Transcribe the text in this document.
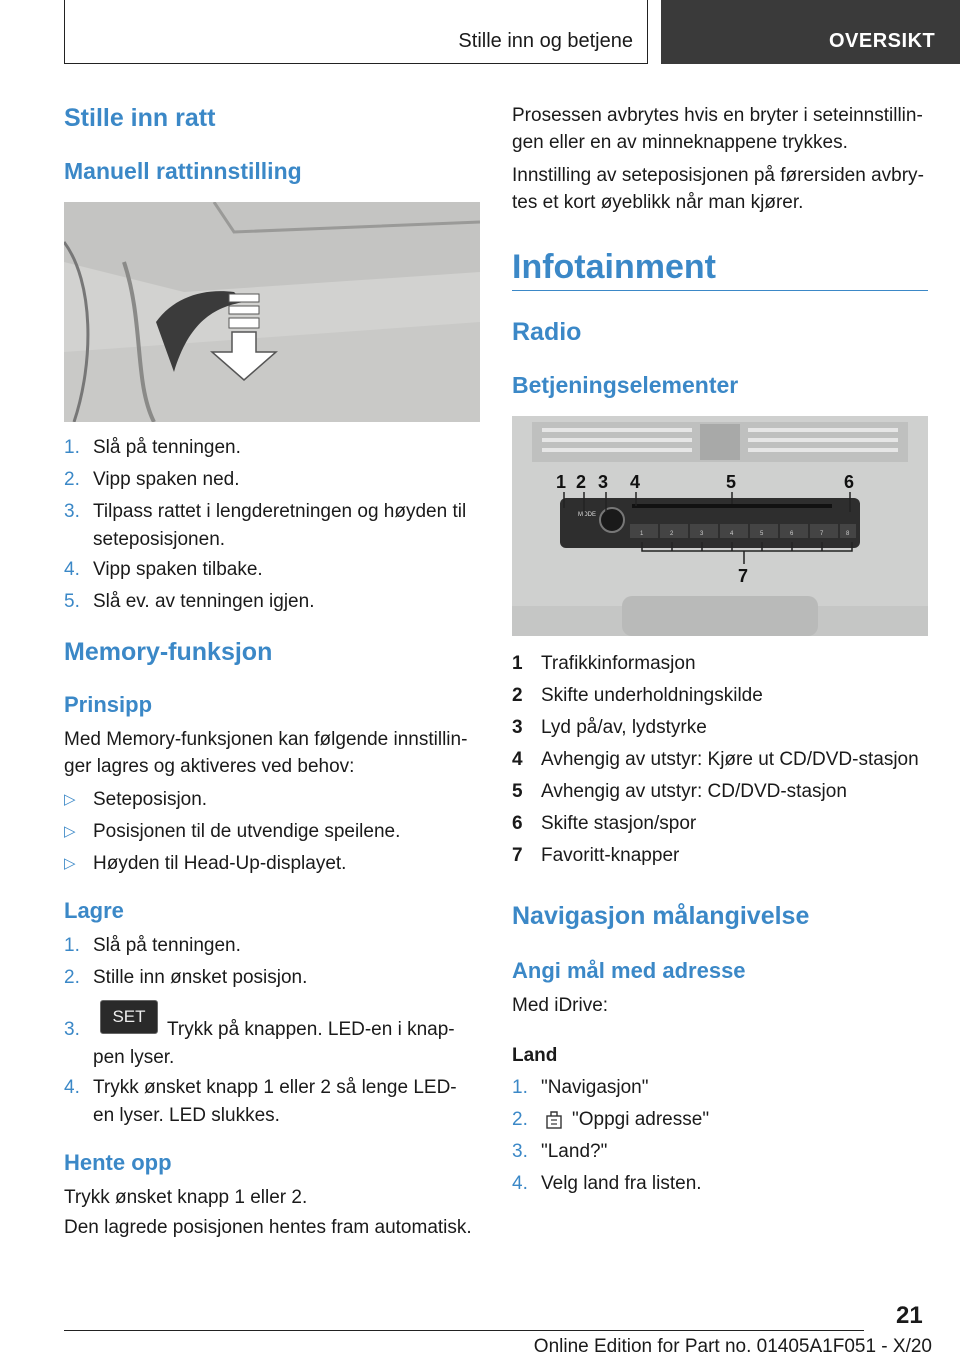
Stille inn og betjene	OVERSIKT
Stille inn ratt
Manuell rattinnstilling
1. Slå på tenningen.
2. Vipp spaken ned.
3. Tilpass rattet i lengderetningen og høyden til seteposisjonen.
4. Vipp spaken tilbake.
5. Slå ev. av tenningen igjen.
Memory-funksjon
Prinsipp
Med Memory-funksjonen kan følgende innstillinger lagres og aktiveres ved behov:
▷ Seteposisjon.
▷ Posisjonen til de utvendige speilene.
▷ Høyden til Head-Up-displayet.
Lagre
1. Slå på tenningen.
2. Stille inn ønsket posisjon.
3.
SET
Trykk på knappen. LED-en i knappen lyser.
4. Trykk ønsket knapp 1 eller 2 så lenge LED-en lyser. LED slukkes.
Hente opp
Trykk ønsket knapp 1 eller 2.
Den lagrede posisjonen hentes fram automatisk.
Prosessen avbrytes hvis en bryter i seteinnstillingen eller en av minneknappene trykkes.
Innstilling av seteposisjonen på førersiden avbrytes et kort øyeblikk når man kjører.
Infotainment
Radio
Betjeningselementer
MODE
1	2	3	4	5	6	7	8
1 2 3 4	5	6
7
1 Trafikkinformasjon
2 Skifte underholdningskilde
3 Lyd på/av, lydstyrke
4 Avhengig av utstyr: Kjøre ut CD/DVD-stasjon
5 Avhengig av utstyr: CD/DVD-stasjon
6 Skifte stasjon/spor
7 Favoritt-knapper
Navigasjon målangivelse
Angi mål med adresse
Med iDrive:
Land
1. "Navigasjon"
2. "Oppgi adresse"
3. "Land?"
4. Velg land fra listen.
21
Online Edition for Part no. 01405A1F051 - X/20
